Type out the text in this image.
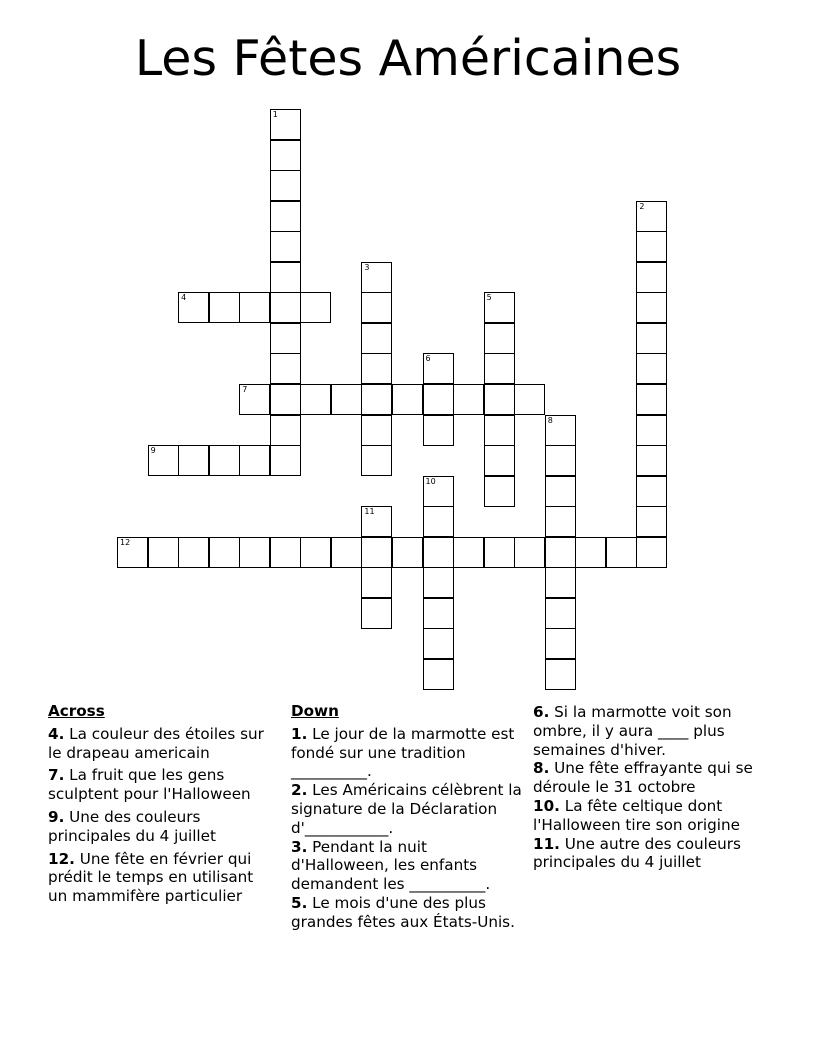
Les Fêtes Américaines
1
2
3
4	5
6
7
8
9
10
11
12
Across
4. La couleur des étoiles sur le drapeau americain
7. La fruit que les gens sculptent pour l'Halloween
9. Une des couleurs principales du 4 juillet
12. Une fête en février qui prédit le temps en utilisant un mammifère particulier
Down
1. Le jour de la marmotte est fondé sur une tradition __________.
2. Les Américains célèbrent la signature de la Déclaration d'___________.
3. Pendant la nuit d'Halloween, les enfants demandent les __________.
5. Le mois d'une des plus grandes fêtes aux États-Unis.
6. Si la marmotte voit son ombre, il y aura ____ plus semaines d'hiver.
8. Une fête effrayante qui se déroule le 31 octobre
10. La fête celtique dont l'Halloween tire son origine
11. Une autre des couleurs principales du 4 juillet
